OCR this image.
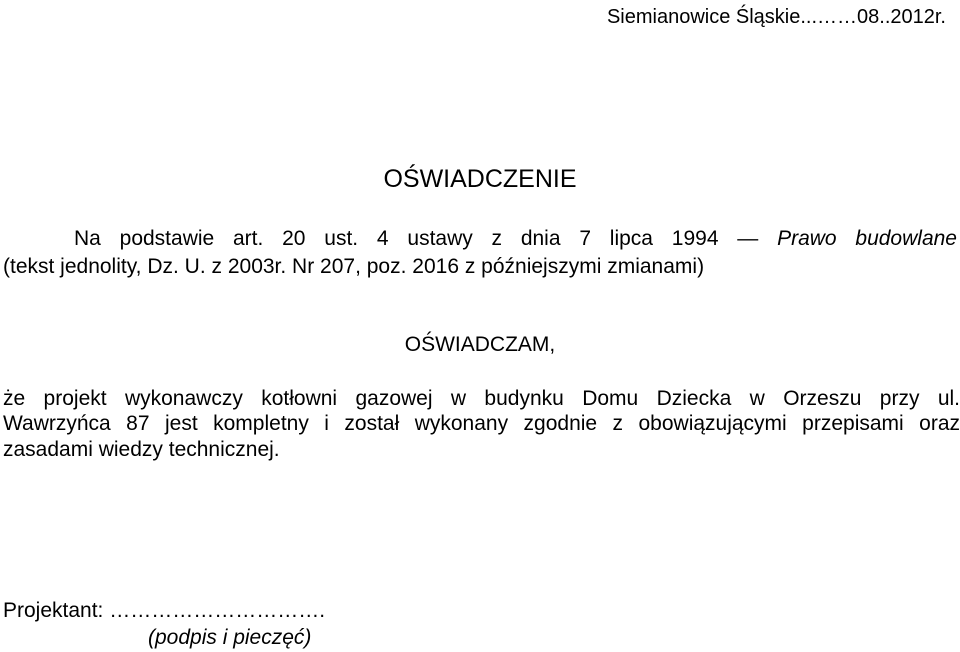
Siemianowice Śląskie...……08..2012r.
OŚWIADCZENIE
Na podstawie art. 20 ust. 4 ustawy z dnia 7 lipca 1994 — Prawo budowlane
(tekst jednolity, Dz. U. z 2003r. Nr 207, poz. 2016 z późniejszymi zmianami)
OŚWIADCZAM,
że projekt wykonawczy kotłowni gazowej w budynku Domu Dziecka w Orzeszu przy ul.
Wawrzyńca 87 jest kompletny i został wykonany zgodnie z obowiązującymi przepisami oraz
zasadami wiedzy technicznej.
Projektant: ………………………….
(podpis i pieczęć)
